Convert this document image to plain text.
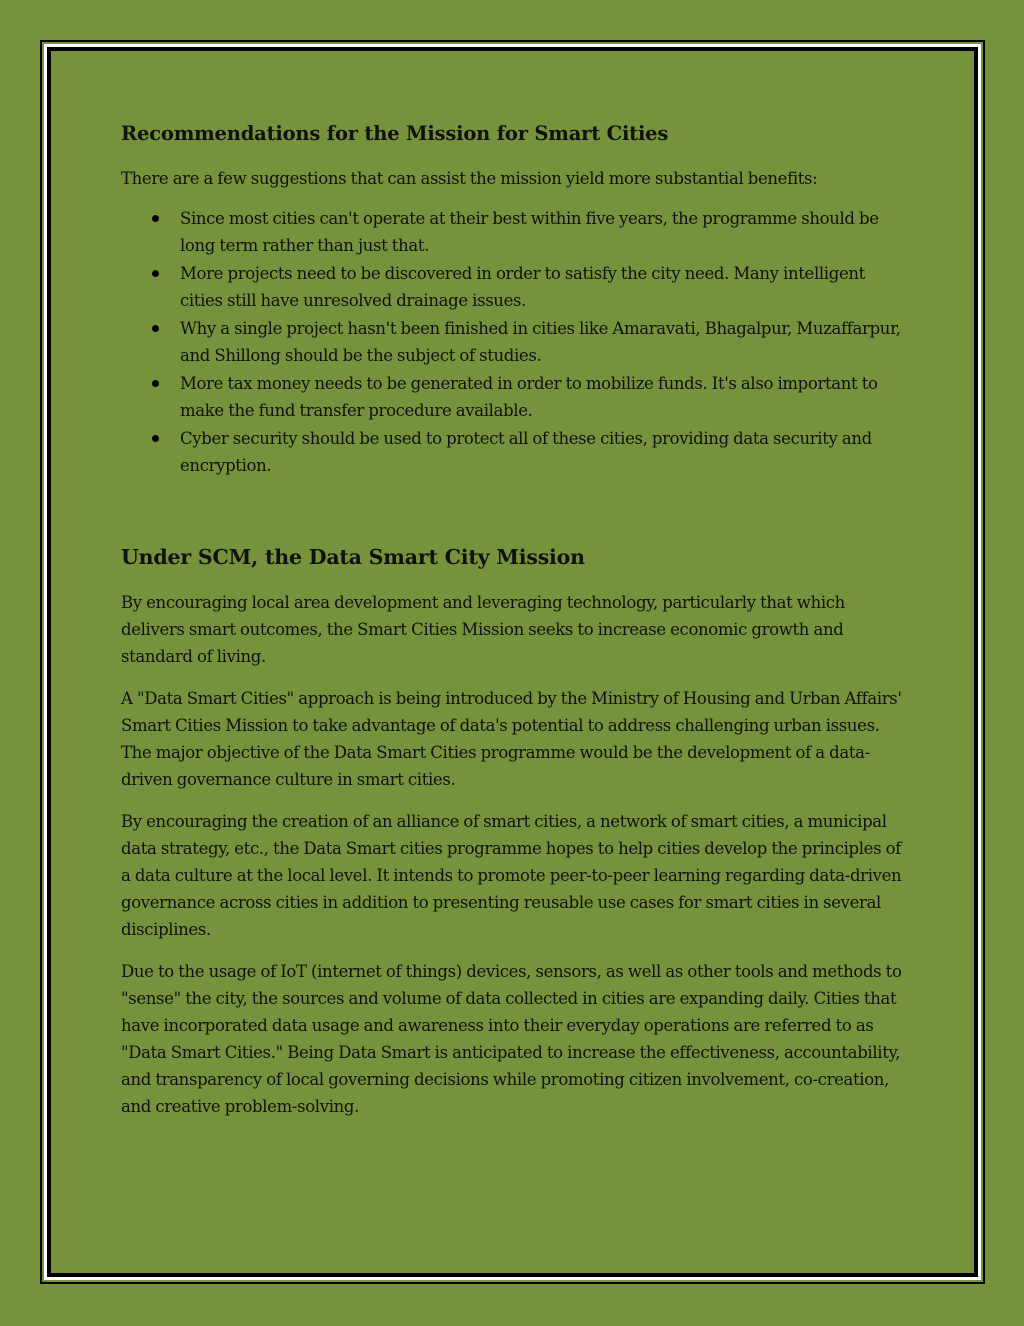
Recommendations for the Mission for Smart Cities

There are a few suggestions that can assist the mission yield more substantial benefits:

Since most cities can't operate at their best within five years, the programme should be long term rather than just that.
More projects need to be discovered in order to satisfy the city need. Many intelligent cities still have unresolved drainage issues.
Why a single project hasn't been finished in cities like Amaravati, Bhagalpur, Muzaffarpur, and Shillong should be the subject of studies.
More tax money needs to be generated in order to mobilize funds. It's also important to make the fund transfer procedure available.
Cyber security should be used to protect all of these cities, providing data security and encryption.
Under SCM, the Data Smart City Mission

By encouraging local area development and leveraging technology, particularly that which delivers smart outcomes, the Smart Cities Mission seeks to increase economic growth and standard of living.

A "Data Smart Cities" approach is being introduced by the Ministry of Housing and Urban Affairs' Smart Cities Mission to take advantage of data's potential to address challenging urban issues. The major objective of the Data Smart Cities programme would be the development of a data-driven governance culture in smart cities.

By encouraging the creation of an alliance of smart cities, a network of smart cities, a municipal data strategy, etc., the Data Smart cities programme hopes to help cities develop the principles of a data culture at the local level. It intends to promote peer-to-peer learning regarding data-driven governance across cities in addition to presenting reusable use cases for smart cities in several disciplines.

Due to the usage of IoT (internet of things) devices, sensors, as well as other tools and methods to "sense" the city, the sources and volume of data collected in cities are expanding daily. Cities that have incorporated data usage and awareness into their everyday operations are referred to as "Data Smart Cities." Being Data Smart is anticipated to increase the effectiveness, accountability, and transparency of local governing decisions while promoting citizen involvement, co-creation, and creative problem-solving.
